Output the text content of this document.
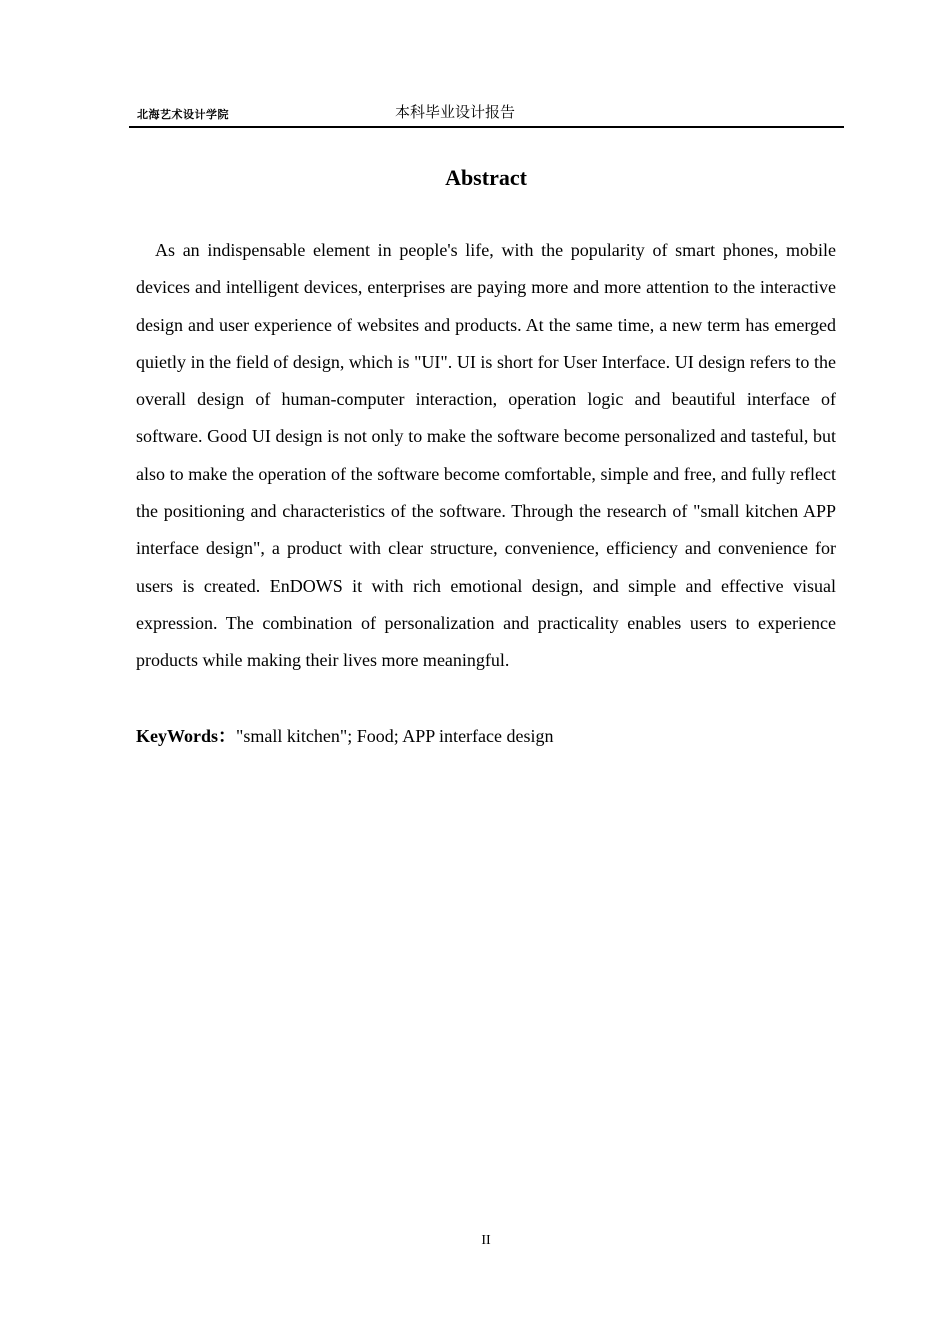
北海艺术设计学院	本科毕业设计报告
Abstract

As an indispensable element in people's life, with the popularity of smart phones, mobile devices and intelligent devices, enterprises are paying more and more attention to the interactive design and user experience of websites and products. At the same time, a new term has emerged quietly in the field of design, which is "UI". UI is short for User Interface. UI design refers to the overall design of human-computer interaction, operation logic and beautiful interface of software. Good UI design is not only to make the software become personalized and tasteful, but also to make the operation of the software become comfortable, simple and free, and fully reflect the positioning and characteristics of the software. Through the research of "small kitchen APP interface design", a product with clear structure, convenience, efficiency and convenience for users is created. EnDOWS it with rich emotional design, and simple and effective visual expression. The combination of personalization and practicality enables users to experience products while making their lives more meaningful.

KeyWords："small kitchen"; Food; APP interface design
II
